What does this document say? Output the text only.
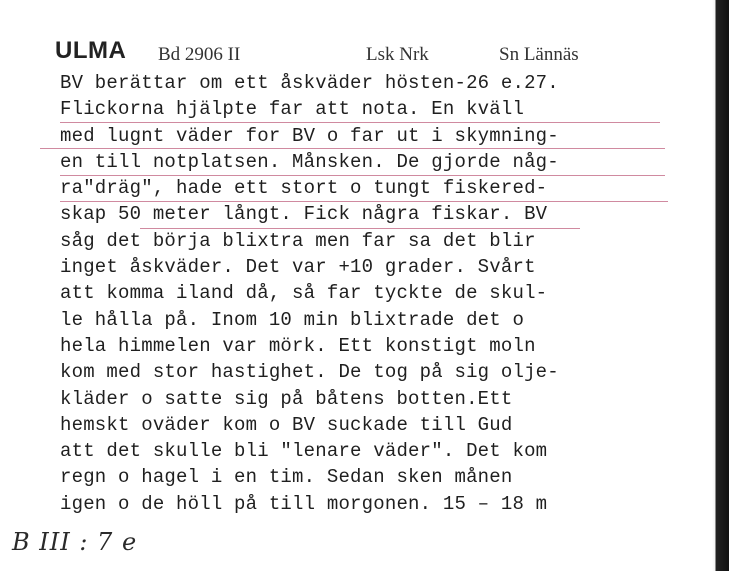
ULMA Bd 2906 II	Lsk Nrk	Sn Lännäs
BV berättar om ett åskväder hösten-26 e.27.
Flickorna hjälpte far att nota. En kväll
med lugnt väder for BV o far ut i skymning-
en till notplatsen. Månsken. De gjorde någ-
ra"dräg", hade ett stort o tungt fiskered-
skap 50 meter långt. Fick några fiskar. BV
såg det börja blixtra men far sa det blir
inget åskväder. Det var +10 grader. Svårt
att komma iland då, så far tyckte de skul-
le hålla på. Inom 10 min blixtrade det o
hela himmelen var mörk. Ett konstigt moln
kom med stor hastighet. De tog på sig olje-
kläder o satte sig på båtens botten.Ett
hemskt oväder kom o BV suckade till Gud
att det skulle bli "lenare väder". Det kom
regn o hagel i en tim. Sedan sken månen
igen o de höll på till morgonen. 15 – 18 m
B III : 7 e
